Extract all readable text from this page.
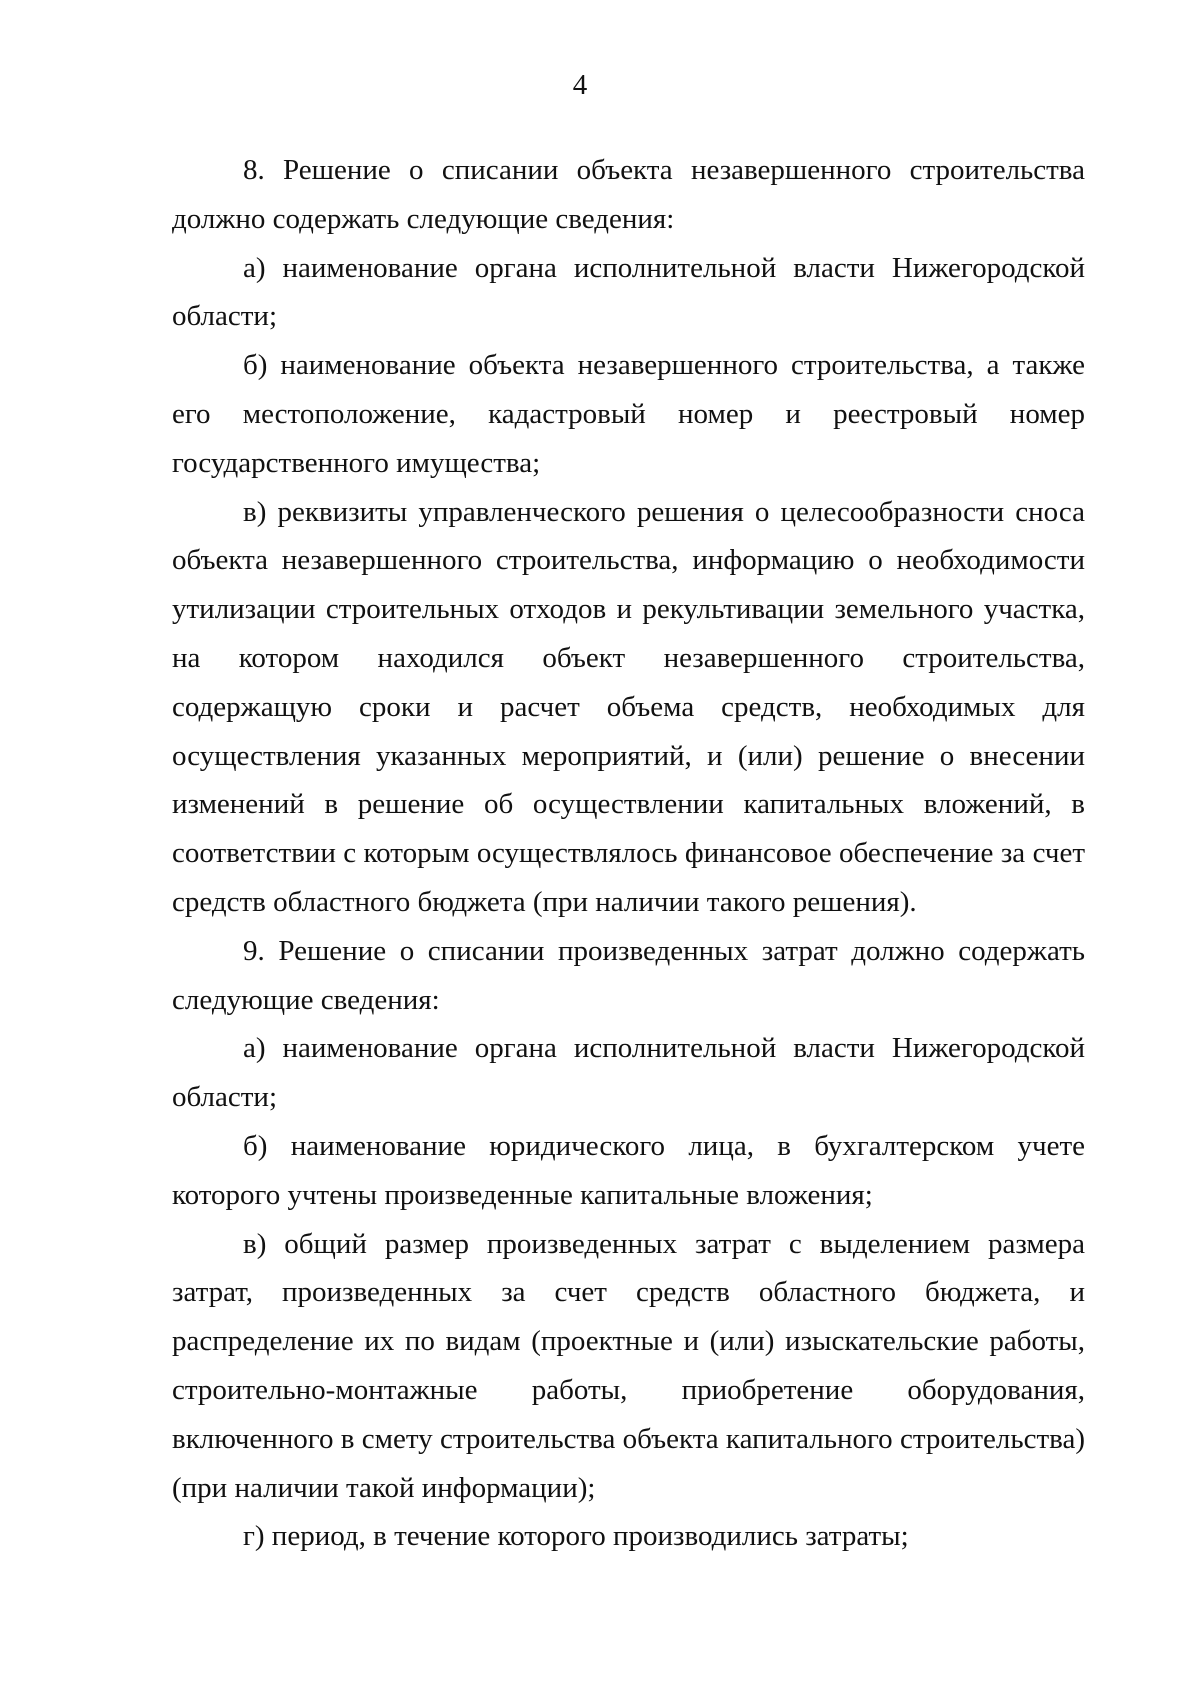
4

8. Решение о списании объекта незавершенного строительства должно содержать следующие сведения:

а) наименование органа исполнительной власти Нижегородской области;

б) наименование объекта незавершенного строительства, а также его местоположение, кадастровый номер и реестровый номер государственного имущества;

в) реквизиты управленческого решения о целесообразности сноса объекта незавершенного строительства, информацию о необходимости утилизации строительных отходов и рекультивации земельного участка, на котором находился объект незавершенного строительства, содержащую сроки и расчет объема средств, необходимых для осуществления указанных мероприятий, и (или) решение о внесении изменений в решение об осуществлении капитальных вложений, в соответствии с которым осуществлялось финансовое обеспечение за счет средств областного бюджета (при наличии такого решения).

9. Решение о списании произведенных затрат должно содержать следующие сведения:

а) наименование органа исполнительной власти Нижегородской области;

б) наименование юридического лица, в бухгалтерском учете которого учтены произведенные капитальные вложения;

в) общий размер произведенных затрат с выделением размера затрат, произведенных за счет средств областного бюджета, и распределение их по видам (проектные и (или) изыскательские работы, строительно-монтажные работы, приобретение оборудования, включенного в смету строительства объекта капитального строительства) (при наличии такой информации);

г) период, в течение которого производились затраты;
